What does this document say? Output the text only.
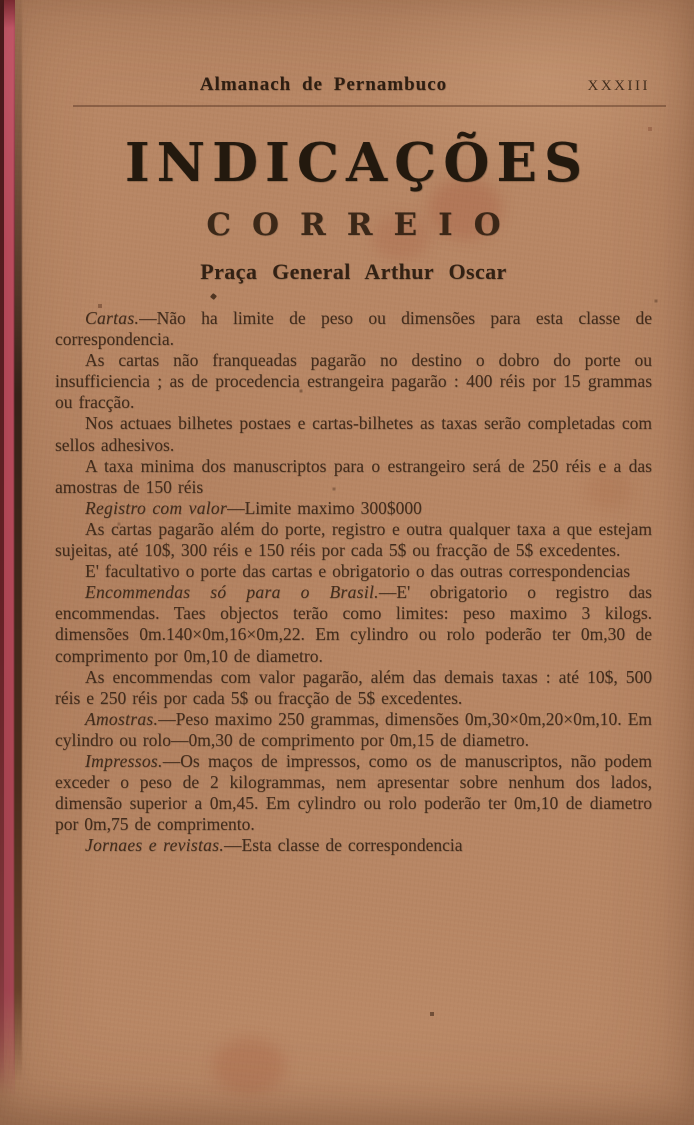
Almanach de Pernambuco	XXXIII
INDICAÇÕES
CORREIO
Praça General Arthur Oscar

Cartas.—Não ha limite de peso ou dimensões para esta classe de correspondencia.

As cartas não franqueadas pagarão no destino o dobro do porte ou insufficiencia ; as de procedencia estrangeira pagarão : 400 réis por 15 grammas ou fracção.

Nos actuaes bilhetes postaes e cartas-bilhetes as taxas serão completadas com sellos adhesivos.

A taxa minima dos manuscriptos para o estrangeiro será de 250 réis e a das amostras de 150 réis

Registro com valor—Limite maximo 300$000

As cartas pagarão além do porte, registro e outra qualquer taxa a que estejam sujeitas, até 10$, 300 réis e 150 réis por cada 5$ ou fracção de 5$ excedentes.

E' facultativo o porte das cartas e obrigatorio o das outras correspondencias

Encommendas só para o Brasil.—E' obrigatorio o registro das encommendas. Taes objectos terão como limites: peso maximo 3 kilogs. dimensões 0m.140×0m,16×0m,22. Em cylindro ou rolo poderão ter 0m,30 de comprimento por 0m,10 de diametro.

As encommendas com valor pagarão, além das demais taxas : até 10$, 500 réis e 250 réis por cada 5$ ou fracção de 5$ excedentes.

Amostras.—Peso maximo 250 grammas, dimensões 0m,30×0m,20×0m,10. Em cylindro ou rolo—0m,30 de comprimento por 0m,15 de diametro.

Impressos.—Os maços de impressos, como os de manuscriptos, não podem exceder o peso de 2 kilogrammas, nem apresentar sobre nenhum dos lados, dimensão superior a 0m,45. Em cylindro ou rolo poderão ter 0m,10 de diametro por 0m,75 de comprimento.

Jornaes e revistas.—Esta classe de correspondencia
